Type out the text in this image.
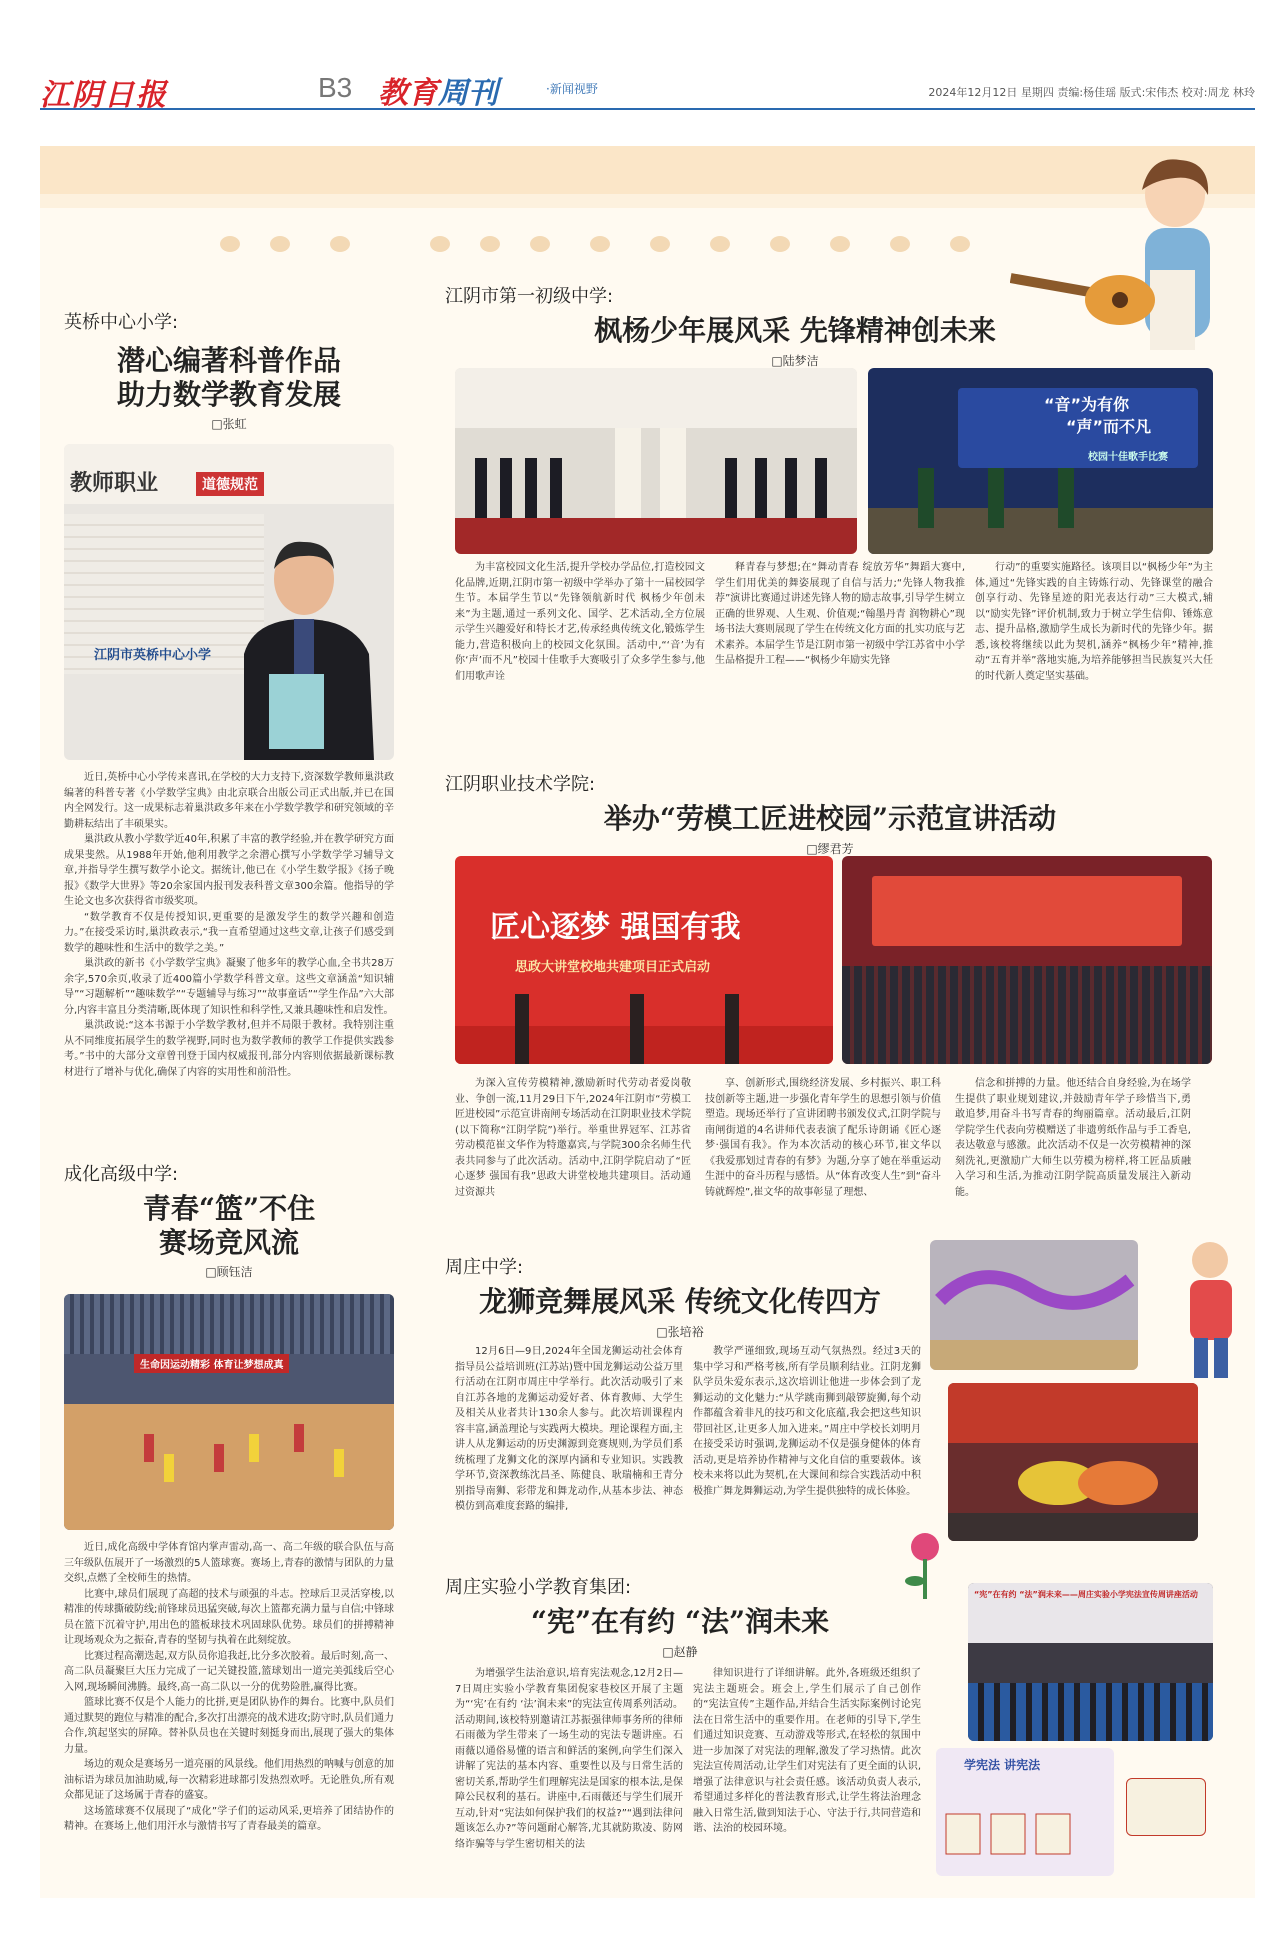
江阴日报	B3 教育周刊	·新闻视野	2024年12月12日 星期四 责编:杨佳瑶 版式:宋伟杰 校对:周龙 林玲
英桥中心小学:
潜心编著科普作品
助力数学教育发展
□张虹
教师职业	道德规范
江阴市英桥中心小学

近日,英桥中心小学传来喜讯,在学校的大力支持下,资深数学教师巢洪政编著的科普专著《小学数学宝典》由北京联合出版公司正式出版,并已在国内全网发行。这一成果标志着巢洪政多年来在小学数学教学和研究领域的辛勤耕耘结出了丰硕果实。

巢洪政从教小学数学近40年,积累了丰富的教学经验,并在教学研究方面成果斐然。从1988年开始,他利用教学之余潜心撰写小学数学学习辅导文章,并指导学生撰写数学小论文。据统计,他已在《小学生数学报》《扬子晚报》《数学大世界》等20余家国内报刊发表科普文章300余篇。他指导的学生论文也多次获得省市级奖项。

“数学教育不仅是传授知识,更重要的是激发学生的数学兴趣和创造力。”在接受采访时,巢洪政表示,“我一直希望通过这些文章,让孩子们感受到数学的趣味性和生活中的数学之美。”

巢洪政的新书《小学数学宝典》凝聚了他多年的教学心血,全书共28万余字,570余页,收录了近400篇小学数学科普文章。这些文章涵盖“知识辅导”“习题解析”“趣味数学”“专题辅导与练习”“故事童话”“学生作品”六大部分,内容丰富且分类清晰,既体现了知识性和科学性,又兼具趣味性和启发性。

巢洪政说:“这本书源于小学数学教材,但并不局限于教材。我特别注重从不同维度拓展学生的数学视野,同时也为数学教师的教学工作提供实践参考。”书中的大部分文章曾刊登于国内权威报刊,部分内容则依据最新课标教材进行了增补与优化,确保了内容的实用性和前沿性。

成化高级中学:
青春“篮”不住
赛场竞风流
□顾钰洁
生命因运动精彩 体育让梦想成真

近日,成化高级中学体育馆内掌声雷动,高一、高二年级的联合队伍与高三年级队伍展开了一场激烈的5人篮球赛。赛场上,青春的激情与团队的力量交织,点燃了全校师生的热情。

比赛中,球员们展现了高超的技术与顽强的斗志。控球后卫灵活穿梭,以精准的传球撕破防线;前锋球员迅猛突破,每次上篮都充满力量与自信;中锋球员在篮下沉着守护,用出色的篮板球技术巩固球队优势。球员们的拼搏精神让现场观众为之振奋,青春的坚韧与执着在此刻绽放。

比赛过程高潮迭起,双方队员你追我赶,比分多次胶着。最后时刻,高一、高二队员凝聚巨大压力完成了一记关键投篮,篮球划出一道完美弧线后空心入网,现场瞬间沸腾。最终,高一高二队以一分的优势险胜,赢得比赛。

篮球比赛不仅是个人能力的比拼,更是团队协作的舞台。比赛中,队员们通过默契的跑位与精准的配合,多次打出漂亮的战术进攻;防守时,队员们通力合作,筑起坚实的屏障。替补队员也在关键时刻挺身而出,展现了强大的集体力量。

场边的观众是赛场另一道亮丽的风景线。他们用热烈的呐喊与创意的加油标语为球员加油助威,每一次精彩进球都引发热烈欢呼。无论胜负,所有观众都见证了这场属于青春的盛宴。

这场篮球赛不仅展现了“成化”学子们的运动风采,更培养了团结协作的精神。在赛场上,他们用汗水与激情书写了青春最美的篇章。

江阴市第一初级中学:
枫杨少年展风采 先锋精神创未来
□陆梦洁
“音”为有你
“声”而不凡
校园十佳歌手比赛
为丰富校园文化生活,提升学校办学品位,打造校园文化品牌,近期,江阴市第一初级中学举办了第十一届校园学生节。本届学生节以“先锋领航新时代 枫杨少年创未来”为主题,通过一系列文化、国学、艺术活动,全方位展示学生兴趣爱好和特长才艺,传承经典传统文化,锻炼学生能力,营造积极向上的校园文化氛围。活动中,“‘音’为有你‘声’而不凡”校园十佳歌手大赛吸引了众多学生参与,他们用歌声诠
释青春与梦想;在“舞动青春 绽放芳华”舞蹈大赛中,学生们用优美的舞姿展现了自信与活力;“先锋人物我推荐”演讲比赛通过讲述先锋人物的励志故事,引导学生树立正确的世界观、人生观、价值观;“翰墨丹青 润物耕心”现场书法大赛则展现了学生在传统文化方面的扎实功底与艺术素养。本届学生节是江阴市第一初级中学江苏省中小学生品格提升工程——“枫杨少年励实先锋
行动”的重要实施路径。该项目以“枫杨少年”为主体,通过“先锋实践的自主铸炼行动、先锋课堂的融合创享行动、先锋星迹的阳光表达行动”三大模式,辅以“励实先锋”评价机制,致力于树立学生信仰、锤炼意志、提升品格,激励学生成长为新时代的先锋少年。据悉,该校将继续以此为契机,涵养“枫杨少年”精神,推动“五育并举”落地实施,为培养能够担当民族复兴大任的时代新人奠定坚实基础。
江阴职业技术学院:
举办“劳模工匠进校园”示范宣讲活动
□缪君芳
匠心逐梦 强国有我
思政大讲堂校地共建项目正式启动
为深入宣传劳模精神,激励新时代劳动者爱岗敬业、争创一流,11月29日下午,2024年江阴市“劳模工匠进校园”示范宣讲南闸专场活动在江阴职业技术学院(以下简称“江阴学院”)举行。举重世界冠军、江苏省劳动模范崔文华作为特邀嘉宾,与学院300余名师生代表共同参与了此次活动。活动中,江阴学院启动了“匠心逐梦 强国有我”思政大讲堂校地共建项目。活动通过资源共
享、创新形式,围绕经济发展、乡村振兴、职工科技创新等主题,进一步强化青年学生的思想引领与价值塑造。现场还举行了宣讲团聘书颁发仪式,江阴学院与南闸街道的4名讲师代表表演了配乐诗朗诵《匠心逐梦·强国有我》。作为本次活动的核心环节,崔文华以《我爱那划过青春的有梦》为题,分享了她在举重运动生涯中的奋斗历程与感悟。从“体育改变人生”到“奋斗铸就辉煌”,崔文华的故事彰显了理想、
信念和拼搏的力量。他还结合自身经验,为在场学生提供了职业规划建议,并鼓励青年学子珍惜当下,勇敢追梦,用奋斗书写青春的绚丽篇章。活动最后,江阴学院学生代表向劳模赠送了非遗剪纸作品与手工香皂,表达敬意与感激。此次活动不仅是一次劳模精神的深刻洗礼,更激励广大师生以劳模为榜样,将工匠品质融入学习和生活,为推动江阴学院高质量发展注入新动能。
周庄中学:
龙狮竞舞展风采 传统文化传四方
□张培裕
12月6日—9日,2024年全国龙狮运动社会体育指导员公益培训班(江苏站)暨中国龙狮运动公益万里行活动在江阴市周庄中学举行。此次活动吸引了来自江苏各地的龙狮运动爱好者、体育教师、大学生及相关从业者共计130余人参与。此次培训课程内容丰富,涵盖理论与实践两大模块。理论课程方面,主讲人从龙狮运动的历史渊源到竞赛规则,为学员们系统梳理了龙狮文化的深厚内涵和专业知识。实践教学环节,资深教练沈昌圣、陈健良、耿瑞楠和王青分别指导南狮、彩带龙和舞龙动作,从基本步法、神态模仿到高难度套路的编排,
教学严谨细致,现场互动气氛热烈。经过3天的集中学习和严格考核,所有学员顺利结业。江阴龙狮队学员朱爱东表示,这次培训让他进一步体会到了龙狮运动的文化魅力:“从学跳南狮到敲锣旋狮,每个动作都蕴含着非凡的技巧和文化底蕴,我会把这些知识带回社区,让更多人加入进来。”周庄中学校长刘明月在接受采访时强调,龙狮运动不仅是强身健体的体育活动,更是培养协作精神与文化自信的重要载体。该校未来将以此为契机,在大课间和综合实践活动中积极推广舞龙舞狮运动,为学生提供独特的成长体验。
周庄实验小学教育集团:
“宪”在有约 “法”润未来
□赵静
“宪”在有约 “法”润未来——周庄实验小学宪法宣传周讲座活动
学宪法 讲宪法
为增强学生法治意识,培育宪法观念,12月2日—7日周庄实验小学教育集团倪家巷校区开展了主题为“‘宪’在有约 ‘法’润未来”的宪法宣传周系列活动。活动期间,该校特别邀请江苏振强律师事务所的律师石雨薇为学生带来了一场生动的宪法专题讲座。石雨薇以通俗易懂的语言和鲜活的案例,向学生们深入讲解了宪法的基本内容、重要性以及与日常生活的密切关系,帮助学生们理解宪法是国家的根本法,是保障公民权利的基石。讲座中,石雨薇还与学生们展开互动,针对“宪法如何保护我们的权益?”“遇到法律问题该怎么办?”等问题耐心解答,尤其就防欺凌、防网络诈骗等与学生密切相关的法
律知识进行了详细讲解。此外,各班级还组织了宪法主题班会。班会上,学生们展示了自己创作的“宪法宣传”主题作品,并结合生活实际案例讨论宪法在日常生活中的重要作用。在老师的引导下,学生们通过知识竞赛、互动游戏等形式,在轻松的氛围中进一步加深了对宪法的理解,激发了学习热情。此次宪法宣传周活动,让学生们对宪法有了更全面的认识,增强了法律意识与社会责任感。该活动负责人表示,希望通过多样化的普法教育形式,让学生将法治理念融入日常生活,做到知法于心、守法于行,共同营造和谐、法治的校园环境。
